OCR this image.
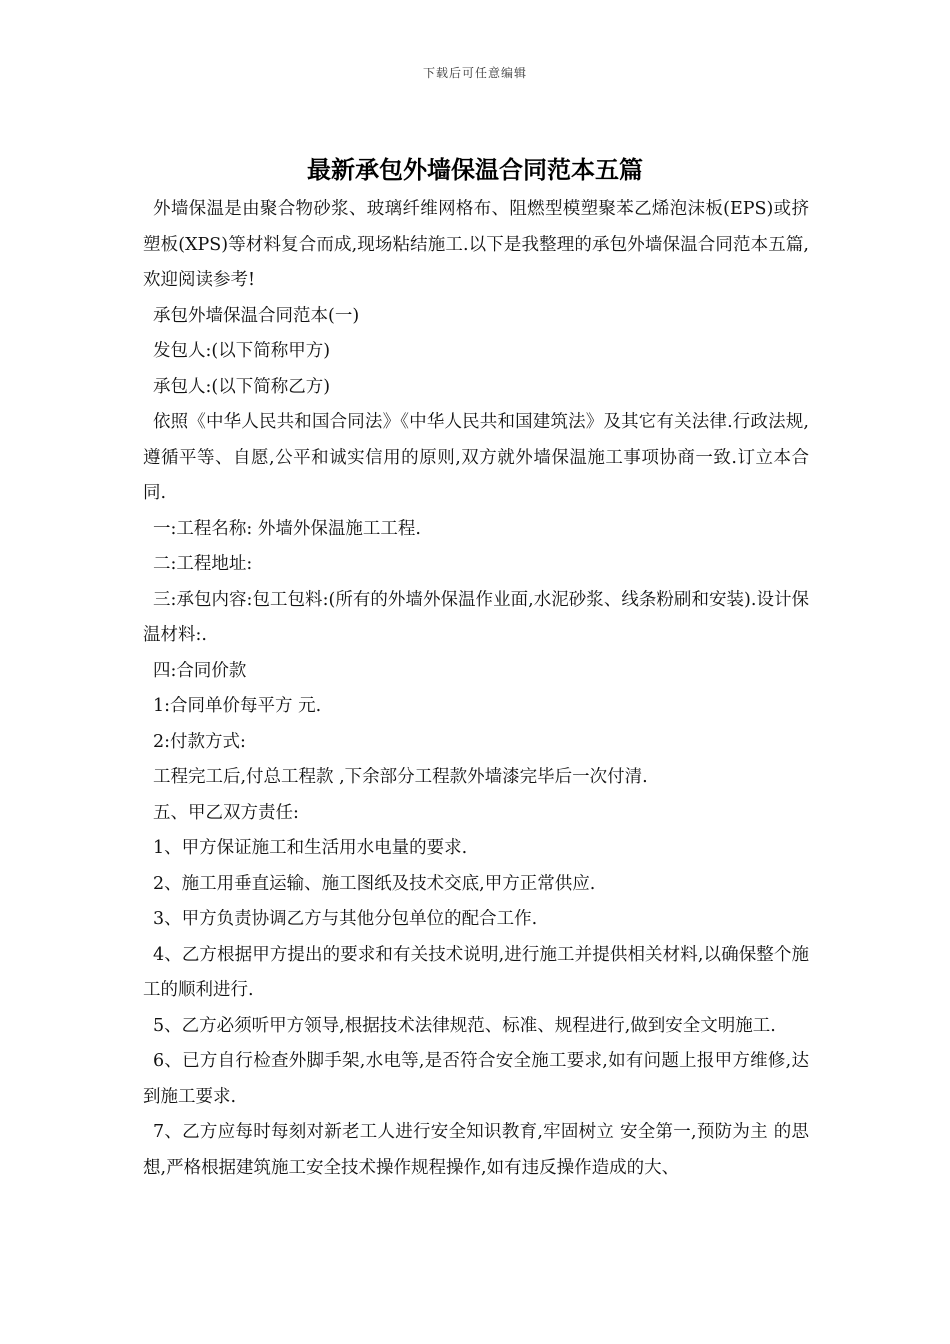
下载后可任意编辑
最新承包外墙保温合同范本五篇

外墙保温是由聚合物砂浆、玻璃纤维网格布、阻燃型模塑聚苯乙烯泡沫板(EPS)或挤塑板(XPS)等材料复合而成,现场粘结施工.以下是我整理的承包外墙保温合同范本五篇,欢迎阅读参考!

承包外墙保温合同范本(一)

发包人:(以下简称甲方)

承包人:(以下简称乙方)

依照《中华人民共和国合同法》《中华人民共和国建筑法》及其它有关法律.行政法规,遵循平等、自愿,公平和诚实信用的原则,双方就外墙保温施工事项协商一致.订立本合同.

一:工程名称: 外墙外保温施工工程.

二:工程地址:

三:承包内容:包工包料:(所有的外墙外保温作业面,水泥砂浆、线条粉刷和安装).设计保温材料:.

四:合同价款

1:合同单价每平方 元.

2:付款方式:

工程完工后,付总工程款 ,下余部分工程款外墙漆完毕后一次付清.

五、甲乙双方责任:

1、甲方保证施工和生活用水电量的要求.

2、施工用垂直运输、施工图纸及技术交底,甲方正常供应.

3、甲方负责协调乙方与其他分包单位的配合工作.

4、乙方根据甲方提出的要求和有关技术说明,进行施工并提供相关材料,以确保整个施工的顺利进行.

5、乙方必须听甲方领导,根据技术法律规范、标准、规程进行,做到安全文明施工.

6、已方自行检查外脚手架,水电等,是否符合安全施工要求,如有问题上报甲方维修,达到施工要求.

7、乙方应每时每刻对新老工人进行安全知识教育,牢固树立 安全第一,预防为主 的思想,严格根据建筑施工安全技术操作规程操作,如有违反操作造成的大、
